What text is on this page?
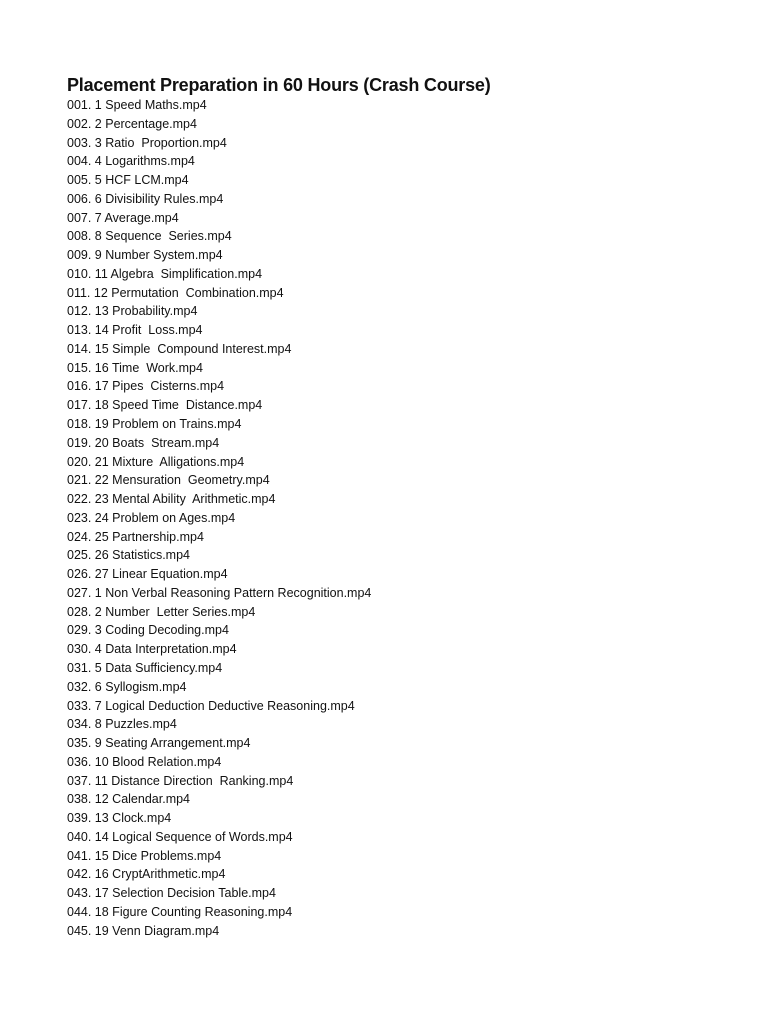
Placement Preparation in 60 Hours (Crash Course)
001. 1 Speed Maths.mp4
002. 2 Percentage.mp4
003. 3 Ratio  Proportion.mp4
004. 4 Logarithms.mp4
005. 5 HCF LCM.mp4
006. 6 Divisibility Rules.mp4
007. 7 Average.mp4
008. 8 Sequence  Series.mp4
009. 9 Number System.mp4
010. 11 Algebra  Simplification.mp4
011. 12 Permutation  Combination.mp4
012. 13 Probability.mp4
013. 14 Profit  Loss.mp4
014. 15 Simple  Compound Interest.mp4
015. 16 Time  Work.mp4
016. 17 Pipes  Cisterns.mp4
017. 18 Speed Time  Distance.mp4
018. 19 Problem on Trains.mp4
019. 20 Boats  Stream.mp4
020. 21 Mixture  Alligations.mp4
021. 22 Mensuration  Geometry.mp4
022. 23 Mental Ability  Arithmetic.mp4
023. 24 Problem on Ages.mp4
024. 25 Partnership.mp4
025. 26 Statistics.mp4
026. 27 Linear Equation.mp4
027. 1 Non Verbal Reasoning Pattern Recognition.mp4
028. 2 Number  Letter Series.mp4
029. 3 Coding Decoding.mp4
030. 4 Data Interpretation.mp4
031. 5 Data Sufficiency.mp4
032. 6 Syllogism.mp4
033. 7 Logical Deduction Deductive Reasoning.mp4
034. 8 Puzzles.mp4
035. 9 Seating Arrangement.mp4
036. 10 Blood Relation.mp4
037. 11 Distance Direction  Ranking.mp4
038. 12 Calendar.mp4
039. 13 Clock.mp4
040. 14 Logical Sequence of Words.mp4
041. 15 Dice Problems.mp4
042. 16 CryptArithmetic.mp4
043. 17 Selection Decision Table.mp4
044. 18 Figure Counting Reasoning.mp4
045. 19 Venn Diagram.mp4
